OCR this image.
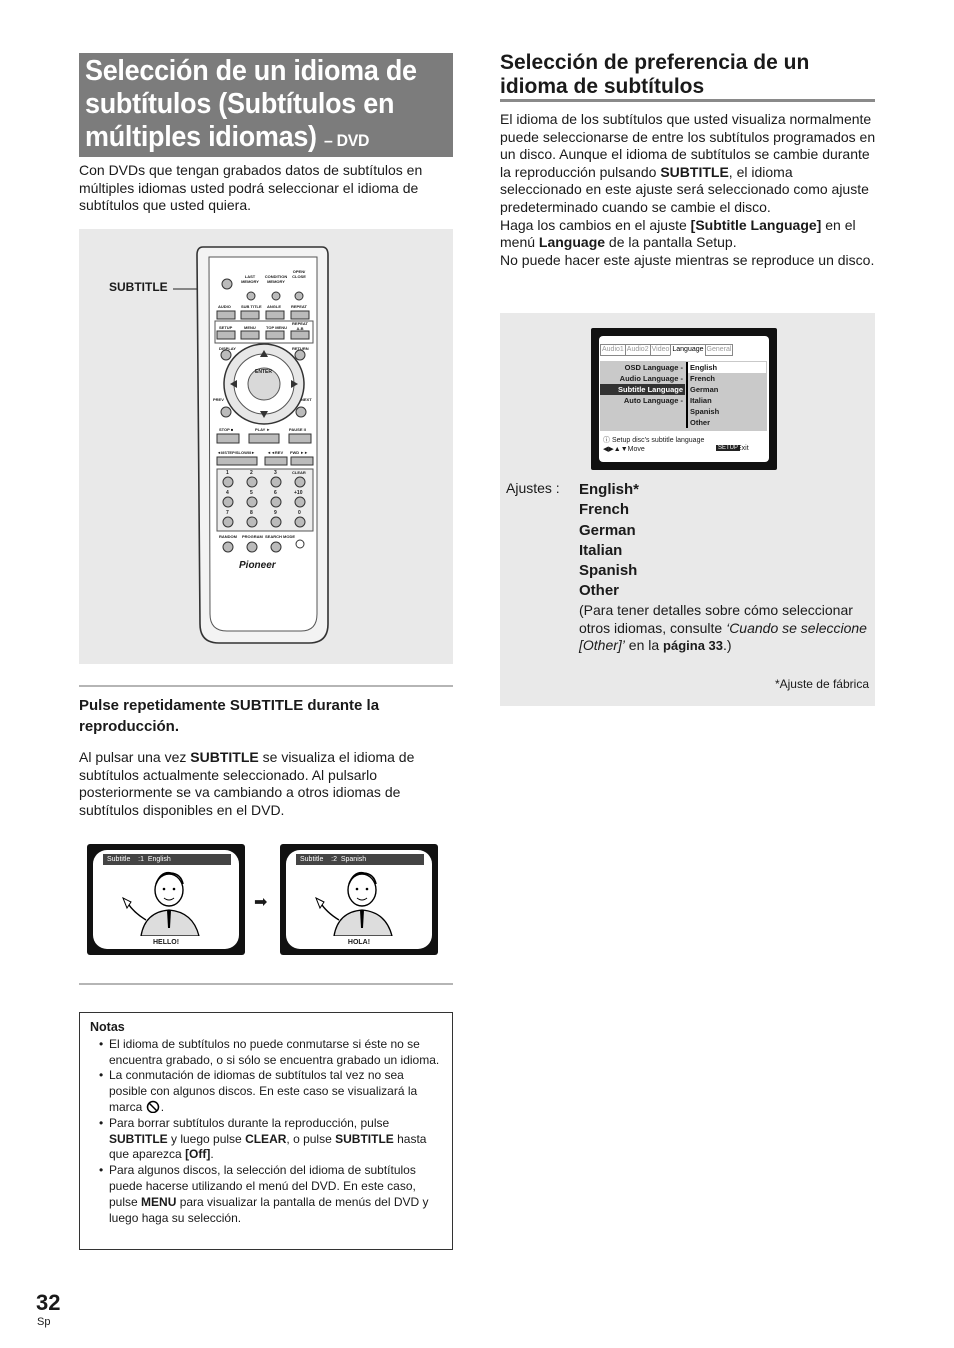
Selección de un idioma de subtítulos (Subtítulos en múltiples idiomas) – DVD
Con DVDs que tengan grabados datos de subtítulos en múltiples idiomas usted podrá seleccionar el idioma de subtítulos que usted quiera.
SUBTITLE
LAST MEMORY
CONDITION MEMORY
OPEN/ CLOSE
AUDIO	SUB TITLE ANGLE	REPEAT
SETUP	MENU	TOP MENU
REPEAT A-B
DISPLAY	RETURN
ENTER
PREV	NEXT
STOP ■	PLAY ►	PAUSE II
◄I/ISTEP/SLOWI/I►	◄◄REV FWD ►►
1	2	3	CLEAR
4	5	6	+10
7	8	9	0
RANDOM PROGRAM SEARCH MODE
Pioneer
Pulse repetidamente SUBTITLE durante la reproducción.
Al pulsar una vez SUBTITLE se visualiza el idioma de subtítulos actualmente seleccionado. Al pulsarlo posteriormente se va cambiando a otros idiomas de subtítulos disponibles en el DVD.
Subtitle    :1  English
HELLO!
➡
Subtitle    :2  Spanish
HOLA!
Notas
• El idioma de subtítulos no puede conmutarse si éste no se encuentra grabado, o si sólo se encuentra grabado un idioma.
• La conmutación de idiomas de subtítulos tal vez no sea posible con algunos discos. En este caso se visualizará la marca .
• Para borrar subtítulos durante la reproducción, pulse SUBTITLE y luego pulse CLEAR, o pulse SUBTITLE hasta que aparezca [Off].
• Para algunos discos, la selección del idioma de subtítulos puede hacerse utilizando el menú del DVD. En este caso, pulse MENU para visualizar la pantalla de menús del DVD y luego haga su selección.
32
Sp
Selección de preferencia de un idioma de subtítulos
El idioma de los subtítulos que usted visualiza normalmente puede seleccionarse de entre los subtítulos programados en un disco. Aunque el idioma de subtítulos se cambie durante la reproducción pulsando SUBTITLE, el idioma seleccionado en este ajuste será seleccionado como ajuste predeterminado cuando se cambie el disco.
Haga los cambios en el ajuste [Subtitle Language] en el menú Language de la pantalla Setup.
No puede hacer este ajuste mientras se reproduce un disco.
Audio1 Audio2 Video Language General
OSD Language -
Audio Language -
Subtitle Language
Auto Language -
English
French
German
Italian
Spanish
Other
ⓘ Setup disc's subtitle language
◀▶▲▼Move	SETUP
Exit
Ajustes : English*
French
German
Italian
Spanish
Other
(Para tener detalles sobre cómo seleccionar otros idiomas, consulte ‘Cuando se seleccione [Other]’ en la página 33.)
*Ajuste de fábrica
